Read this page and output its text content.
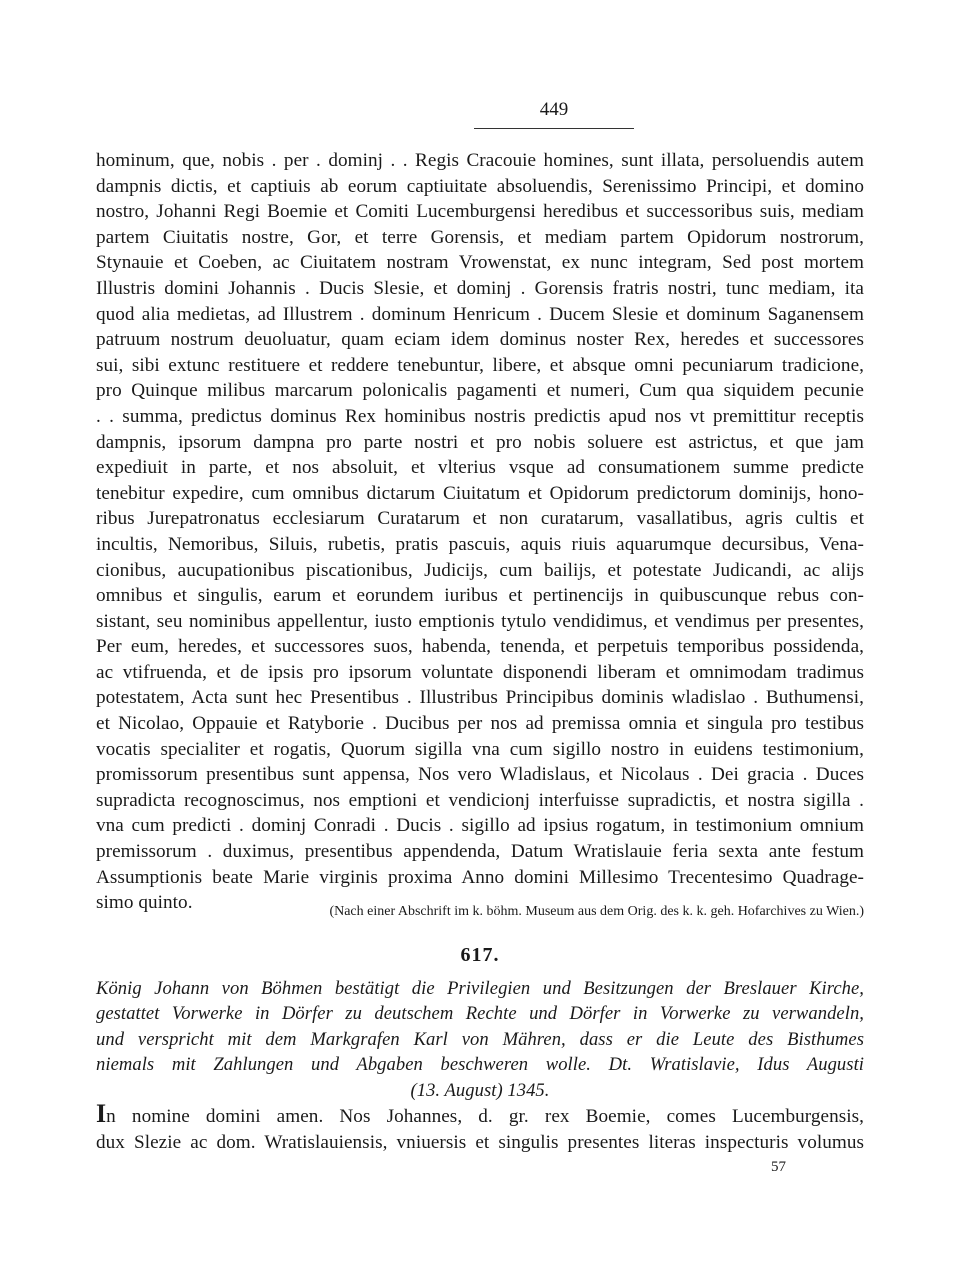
449
hominum, que, nobis . per . dominj . . Regis Cracouie homines, sunt illata, persoluendis autem
dampnis dictis, et captiuis ab eorum captiuitate absoluendis, Serenissimo Principi, et domino
nostro, Johanni Regi Boemie et Comiti Lucemburgensi heredibus et successoribus suis, mediam
partem Ciuitatis nostre, Gor, et terre Gorensis, et mediam partem Opidorum nostrorum,
Stynauie et Coeben, ac Ciuitatem nostram Vrowenstat, ex nunc integram, Sed post mortem
Illustris domini Johannis . Ducis Slesie, et dominj . Gorensis fratris nostri, tunc mediam, ita
quod alia medietas, ad Illustrem . dominum Henricum . Ducem Slesie et dominum Saganensem
patruum nostrum deuoluatur, quam eciam idem dominus noster Rex, heredes et successores
sui, sibi extunc restituere et reddere tenebuntur, libere, et absque omni pecuniarum tradicione,
pro Quinque milibus marcarum polonicalis pagamenti et numeri, Cum qua siquidem pecunie
. . summa, predictus dominus Rex hominibus nostris predictis apud nos vt premittitur receptis
dampnis, ipsorum dampna pro parte nostri et pro nobis soluere est astrictus, et que jam
expediuit in parte, et nos absoluit, et vlterius vsque ad consumationem summe predicte
tenebitur expedire, cum omnibus dictarum Ciuitatum et Opidorum predictorum dominijs, hono-
ribus Jurepatronatus ecclesiarum Curatarum et non curatarum, vasallatibus, agris cultis et
incultis, Nemoribus, Siluis, rubetis, pratis pascuis, aquis riuis aquarumque decursibus, Vena-
cionibus, aucupationibus piscationibus, Judicijs, cum bailijs, et potestate Judicandi, ac alijs
omnibus et singulis, earum et eorundem iuribus et pertinencijs in quibuscunque rebus con-
sistant, seu nominibus appellentur, iusto emptionis tytulo vendidimus, et vendimus per presentes,
Per eum, heredes, et successores suos, habenda, tenenda, et perpetuis temporibus possidenda,
ac vtifruenda, et de ipsis pro ipsorum voluntate disponendi liberam et omnimodam tradimus
potestatem, Acta sunt hec Presentibus . Illustribus Principibus dominis wladislao . Buthumensi,
et Nicolao, Oppauie et Ratyborie . Ducibus per nos ad premissa omnia et singula pro testibus
vocatis specialiter et rogatis, Quorum sigilla vna cum sigillo nostro in euidens testimonium,
promissorum presentibus sunt appensa, Nos vero Wladislaus, et Nicolaus . Dei gracia . Duces
supradicta recognoscimus, nos emptioni et vendicionj interfuisse supradictis, et nostra sigilla .
vna cum predicti . dominj Conradi . Ducis . sigillo ad ipsius rogatum, in testimonium omnium
premissorum . duximus, presentibus appendenda, Datum Wratislauie feria sexta ante festum
Assumptionis beate Marie virginis proxima Anno domini Millesimo Trecentesimo Quadrage-
simo quinto.	(Nach einer Abschrift im k. böhm. Museum aus dem Orig. des k. k. geh. Hofarchives zu Wien.)
617.
König Johann von Böhmen bestätigt die Privilegien und Besitzungen der Breslauer Kirche,
gestattet Vorwerke in Dörfer zu deutschem Rechte und Dörfer in Vorwerke zu verwandeln,
und verspricht mit dem Markgrafen Karl von Mähren, dass er die Leute des Bisthumes
niemals mit Zahlungen und Abgaben beschweren wolle. Dt. Wratislavie, Idus Augusti
(13. August) 1345.
In nomine domini amen. Nos Johannes, d. gr. rex Boemie, comes Lucemburgensis,
dux Slezie ac dom. Wratislauiensis, vniuersis et singulis presentes literas inspecturis volumus
57
